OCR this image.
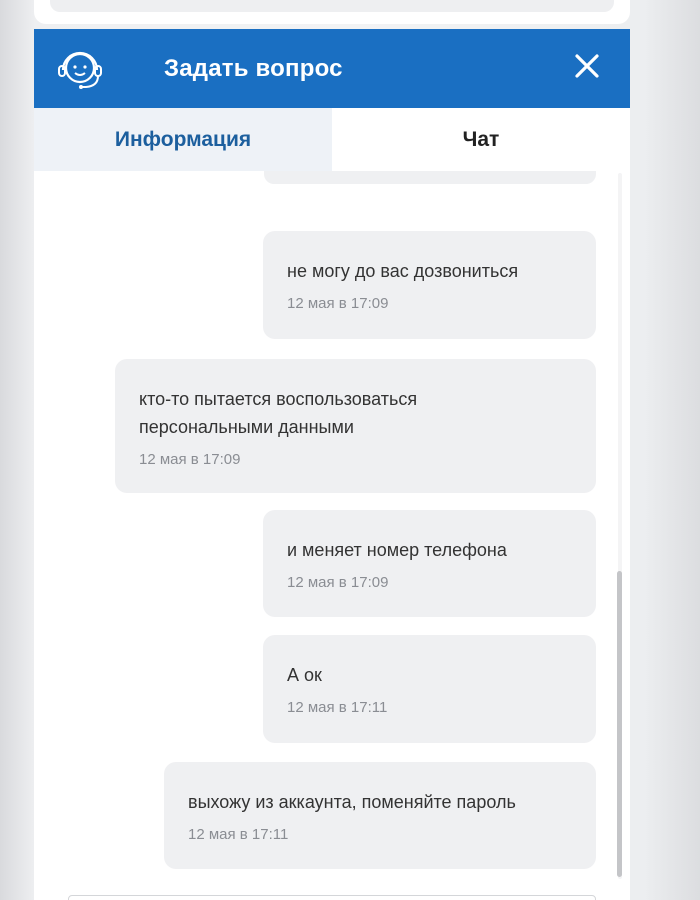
Задать вопрос
Информация	Чат
не могу до вас дозвониться
12 мая в 17:09
кто-то пытается воспользоваться персональными данными
12 мая в 17:09
и меняет номер телефона
12 мая в 17:09
А ок
12 мая в 17:11
выхожу из аккаунта, поменяйте пароль
12 мая в 17:11
Введите текст сообщения
